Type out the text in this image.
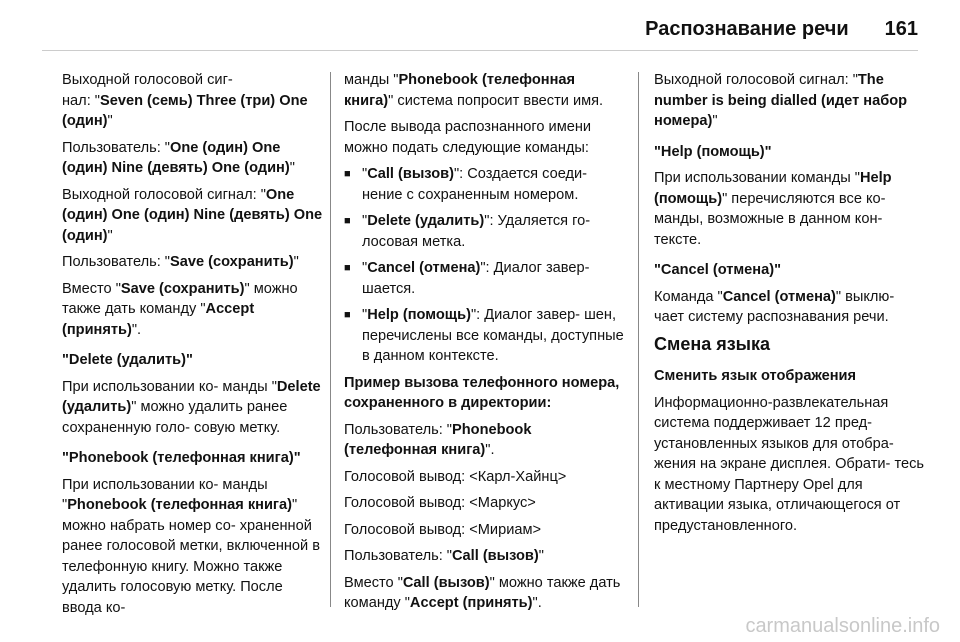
Распознавание речи 161

Выходной голосовой сиг-
нал: "Seven (семь) Three (три) One (один)"

Пользователь: "One (один) One (один) Nine (девять) One (один)"

Выходной голосовой сигнал: "One (один) One (один) Nine (девять) One (один)"

Пользователь: "Save (сохранить)"

Вместо "Save (сохранить)" можно также дать команду "Accept (принять)".

"Delete (удалить)"

При использовании ко- манды "Delete (удалить)" можно удалить ранее сохраненную голо- совую метку.

"Phonebook (телефонная книга)"

При использовании ко- манды "Phonebook (телефонная книга)" можно набрать номер со- храненной ранее голосовой метки, включенной в телефонную книгу. Можно также удалить голосовую метку. После ввода ко-

манды "Phonebook (телефонная книга)" система попросит ввести имя.

После вывода распознанного имени можно подать следующие команды:

■ "Call (вызов)": Создается соеди- нение с сохраненным номером.
■ "Delete (удалить)": Удаляется го- лосовая метка.
■ "Cancel (отмена)": Диалог завер- шается.
■ "Help (помощь)": Диалог завер- шен, перечислены все команды, доступные в данном контексте.

Пример вызова телефонного номера, сохраненного в директории:

Пользователь: "Phonebook (телефонная книга)".

Голосовой вывод: <Карл-Хайнц>

Голосовой вывод: <Маркус>

Голосовой вывод: <Мириам>

Пользователь: "Call (вызов)"

Вместо "Call (вызов)" можно также дать команду "Accept (принять)".

Выходной голосовой сигнал: "The number is being dialled (идет набор номера)"

"Help (помощь)"

При использовании команды "Help (помощь)" перечисляются все ко- манды, возможные в данном кон- тексте.

"Cancel (отмена)"

Команда "Cancel (отмена)" выклю- чает систему распознавания речи.

Смена языка

Сменить язык отображения

Информационно-развлекательная система поддерживает 12 пред- установленных языков для отобра- жения на экране дисплея. Обрати- тесь к местному Партнеру Opel для активации языка, отличающегося от предустановленного.

carmanualsonline.info
